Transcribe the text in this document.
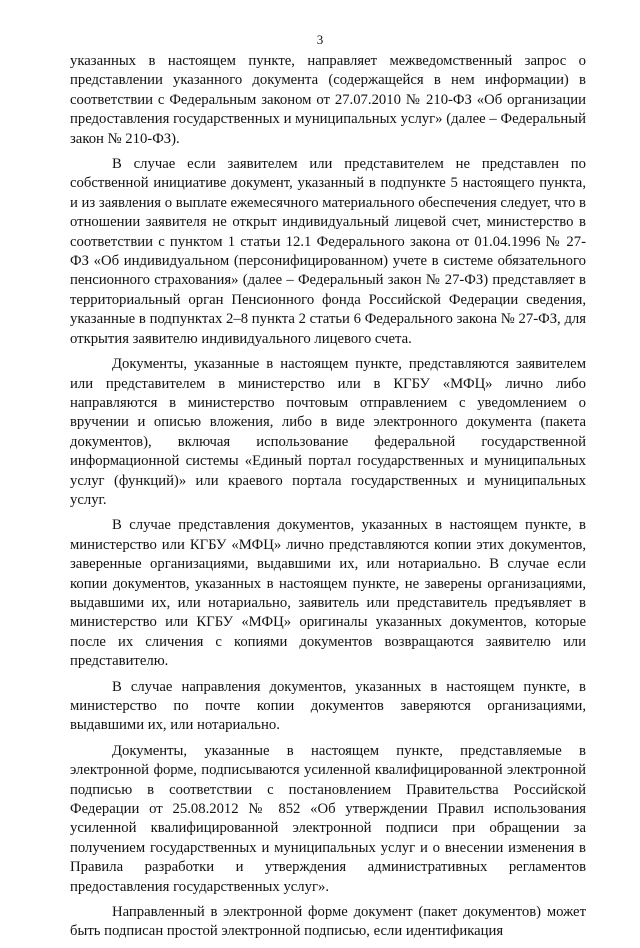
3

указанных в настоящем пункте, направляет межведомственный запрос о представлении указанного документа (содержащейся в нем информации) в соответствии с Федеральным законом от 27.07.2010 № 210-ФЗ «Об организации предоставления государственных и муниципальных услуг» (далее – Федеральный закон № 210-ФЗ).

В случае если заявителем или представителем не представлен по собственной инициативе документ, указанный в подпункте 5 настоящего пункта, и из заявления о выплате ежемесячного материального обеспечения следует, что в отношении заявителя не открыт индивидуальный лицевой счет, министерство в соответствии с пунктом 1 статьи 12.1 Федерального закона от 01.04.1996 № 27-ФЗ «Об индивидуальном (персонифицированном) учете в системе обязательного пенсионного страхования» (далее – Федеральный закон № 27-ФЗ) представляет в территориальный орган Пенсионного фонда Российской Федерации сведения, указанные в подпунктах 2–8 пункта 2 статьи 6 Федерального закона № 27-ФЗ, для открытия заявителю индивидуального лицевого счета.

Документы, указанные в настоящем пункте, представляются заявителем или представителем в министерство или в КГБУ «МФЦ» лично либо направляются в министерство почтовым отправлением с уведомлением о вручении и описью вложения, либо в виде электронного документа (пакета документов), включая использование федеральной государственной информационной системы «Единый портал государственных и муниципальных услуг (функций)» или краевого портала государственных и муниципальных услуг.

В случае представления документов, указанных в настоящем пункте, в министерство или КГБУ «МФЦ» лично представляются копии этих документов, заверенные организациями, выдавшими их, или нотариально. В случае если копии документов, указанных в настоящем пункте, не заверены организациями, выдавшими их, или нотариально, заявитель или представитель предъявляет в министерство или КГБУ «МФЦ» оригиналы указанных документов, которые после их сличения с копиями документов возвращаются заявителю или представителю.

В случае направления документов, указанных в настоящем пункте, в министерство по почте копии документов заверяются организациями, выдавшими их, или нотариально.

Документы, указанные в настоящем пункте, представляемые в электронной форме, подписываются усиленной квалифицированной электронной подписью в соответствии с постановлением Правительства Российской Федерации от 25.08.2012 № 852 «Об утверждении Правил использования усиленной квалифицированной электронной подписи при обращении за получением государственных и муниципальных услуг и о внесении изменения в Правила разработки и утверждения административных регламентов предоставления государственных услуг».

Направленный в электронной форме документ (пакет документов) может быть подписан простой электронной подписью, если идентификация
